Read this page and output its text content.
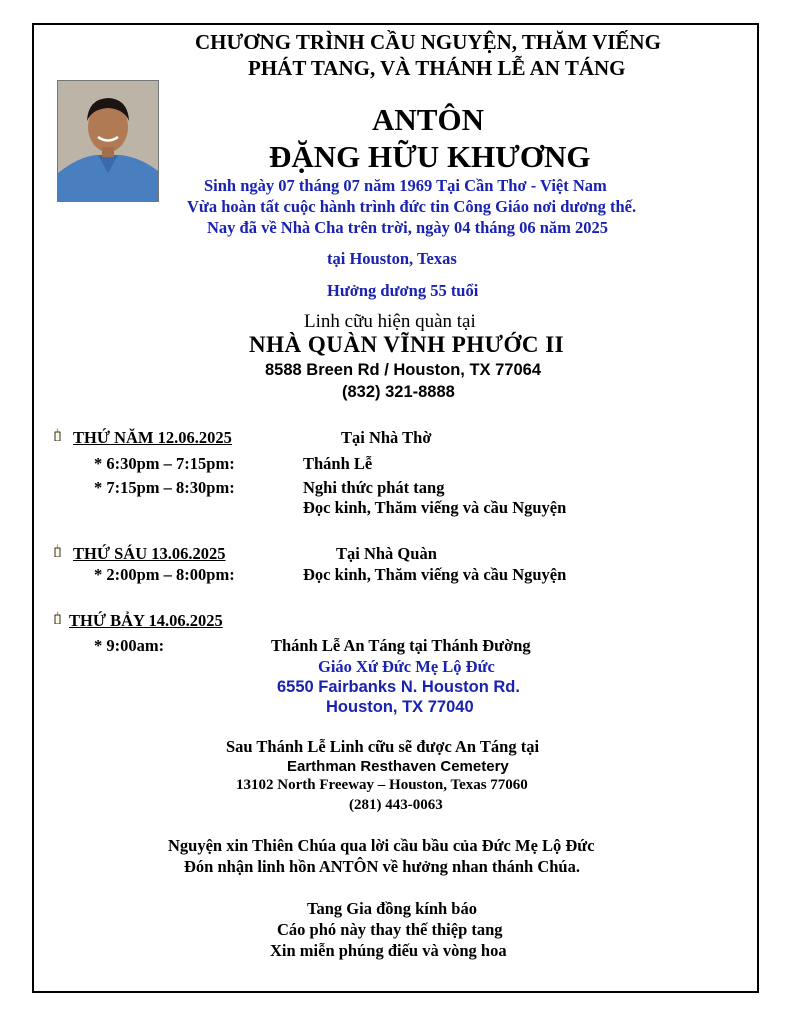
CHƯƠNG TRÌNH CẦU NGUYỆN, THĂM VIẾNG
PHÁT TANG, VÀ THÁNH LỄ AN TÁNG
ANTÔN
ĐẶNG HỮU KHƯƠNG
Sinh ngày 07 tháng 07 năm 1969 Tại Cần Thơ - Việt Nam
Vừa hoàn tất cuộc hành trình đức tin Công Giáo nơi dương thế.
Nay đã về Nhà Cha trên trời, ngày 04 tháng 06 năm 2025
tại Houston, Texas
Hưởng dương 55 tuổi
Linh cữu hiện quàn tại
NHÀ QUÀN VĨNH PHƯỚC II
8588 Breen Rd / Houston, TX 77064
(832) 321-8888
THỨ NĂM 12.06.2025	Tại Nhà Thờ
* 6:30pm – 7:15pm:	Thánh Lễ
* 7:15pm – 8:30pm:	Nghi thức phát tang
Đọc kinh, Thăm viếng và cầu Nguyện
THỨ SÁU 13.06.2025	Tại Nhà Quàn
* 2:00pm – 8:00pm:	Đọc kinh, Thăm viếng và cầu Nguyện
THỨ BẢY 14.06.2025
* 9:00am:	Thánh Lễ An Táng tại Thánh Đường
Giáo Xứ Đức Mẹ Lộ Đức
6550 Fairbanks N. Houston Rd.
Houston, TX 77040
Sau Thánh Lễ Linh cữu sẽ được An Táng tại
Earthman Resthaven Cemetery
13102 North Freeway – Houston, Texas 77060
(281) 443-0063
Nguyện xin Thiên Chúa qua lời cầu bầu của Đức Mẹ Lộ Đức
Đón nhận linh hồn ANTÔN về hưởng nhan thánh Chúa.
Tang Gia đồng kính báo
Cáo phó này thay thế thiệp tang
Xin miễn phúng điếu và vòng hoa
